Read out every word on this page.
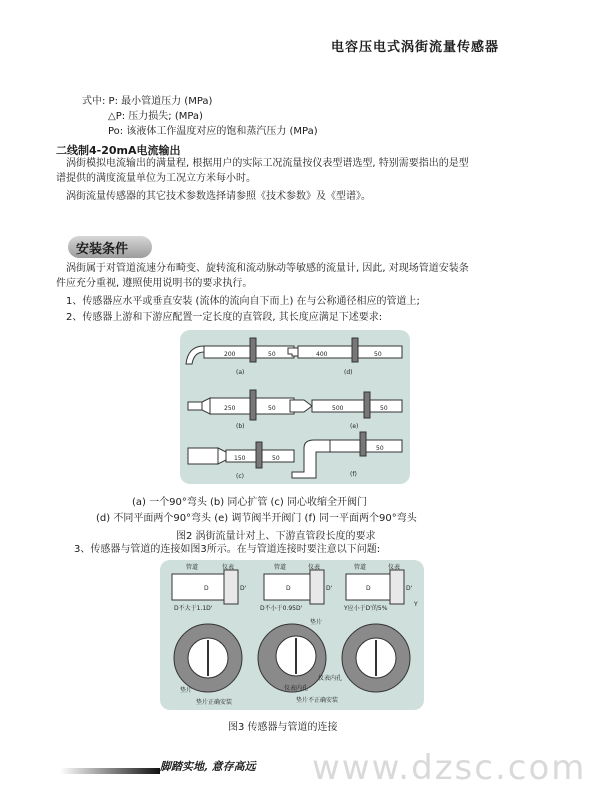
电容压电式涡街流量传感器
式中: P: 最小管道压力 (MPa)
△P: 压力损失; (MPa)
Po: 该液体工作温度对应的饱和蒸汽压力 (MPa)
二线制4-20mA电流输出
涡街模拟电流输出的满量程, 根据用户的实际工况流量按仪表型谱选型, 特别需要指出的是型
谱提供的满度流量单位为工况立方米每小时。
涡街流量传感器的其它技术参数选择请参照《技术参数》及《型谱》。
安装条件
涡街属于对管道流速分布畸变、旋转流和流动脉动等敏感的流量计, 因此, 对现场管道安装条
件应充分重视, 遵照使用说明书的要求执行。
1、传感器应水平或垂直安装 (流体的流向自下而上) 在与公称通径相应的管道上;
2、传感器上游和下游应配置一定长度的直管段, 其长度应满足下述要求:
200	50	400	50
250	50	500	50
150	50
50
(a)	(d)
(b)	(e)
(c)	(f)
(a) 一个90°弯头 (b) 同心扩管 (c) 同心收缩全开阀门
(d) 不同平面两个90°弯头 (e) 调节阀半开阀门 (f) 同一平面两个90°弯头
图2 涡街流量计对上、下游直管段长度的要求
3、传感器与管道的连接如图3所示。在与管道连接时要注意以下问题:
管道	仪表	管道	仪表	管道	仪表
D	D'	D	D'	D	D'
Y
D不大于1.1D'	D不小于0.95D'	Y应小于D'的5%
垫片
垫片
仪表内孔
仪表内孔
垫片正确安装	垫片不正确安装
图3 传感器与管道的连接
脚踏实地, 意存高远 www.dzsc.com
